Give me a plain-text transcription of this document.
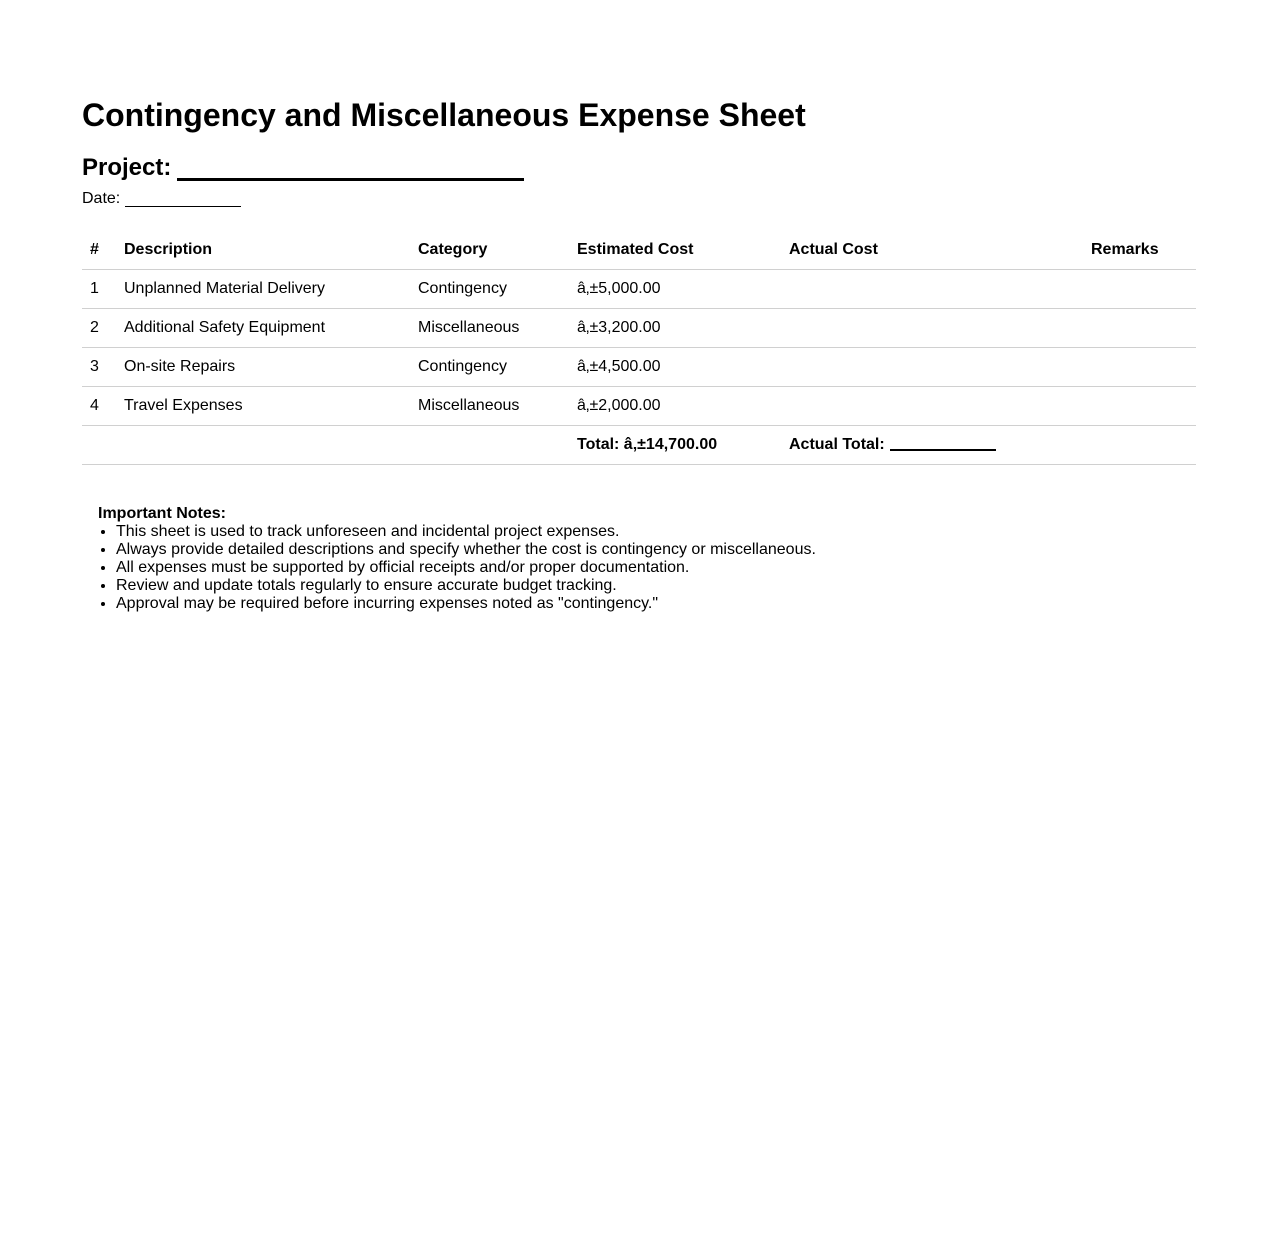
Contingency and Miscellaneous Expense Sheet
Project:
Date:
#	Description	Category	Estimated Cost	Actual Cost	Remarks
1	Unplanned Material Delivery	Contingency	â‚±5,000.00		
2	Additional Safety Equipment	Miscellaneous	â‚±3,200.00		
3	On-site Repairs	Contingency	â‚±4,500.00		
4	Travel Expenses	Miscellaneous	â‚±2,000.00		
			Total: â‚±14,700.00	Actual Total:	

Important Notes:

• This sheet is used to track unforeseen and incidental project expenses.
• Always provide detailed descriptions and specify whether the cost is contingency or miscellaneous.
• All expenses must be supported by official receipts and/or proper documentation.
• Review and update totals regularly to ensure accurate budget tracking.
• Approval may be required before incurring expenses noted as "contingency."
